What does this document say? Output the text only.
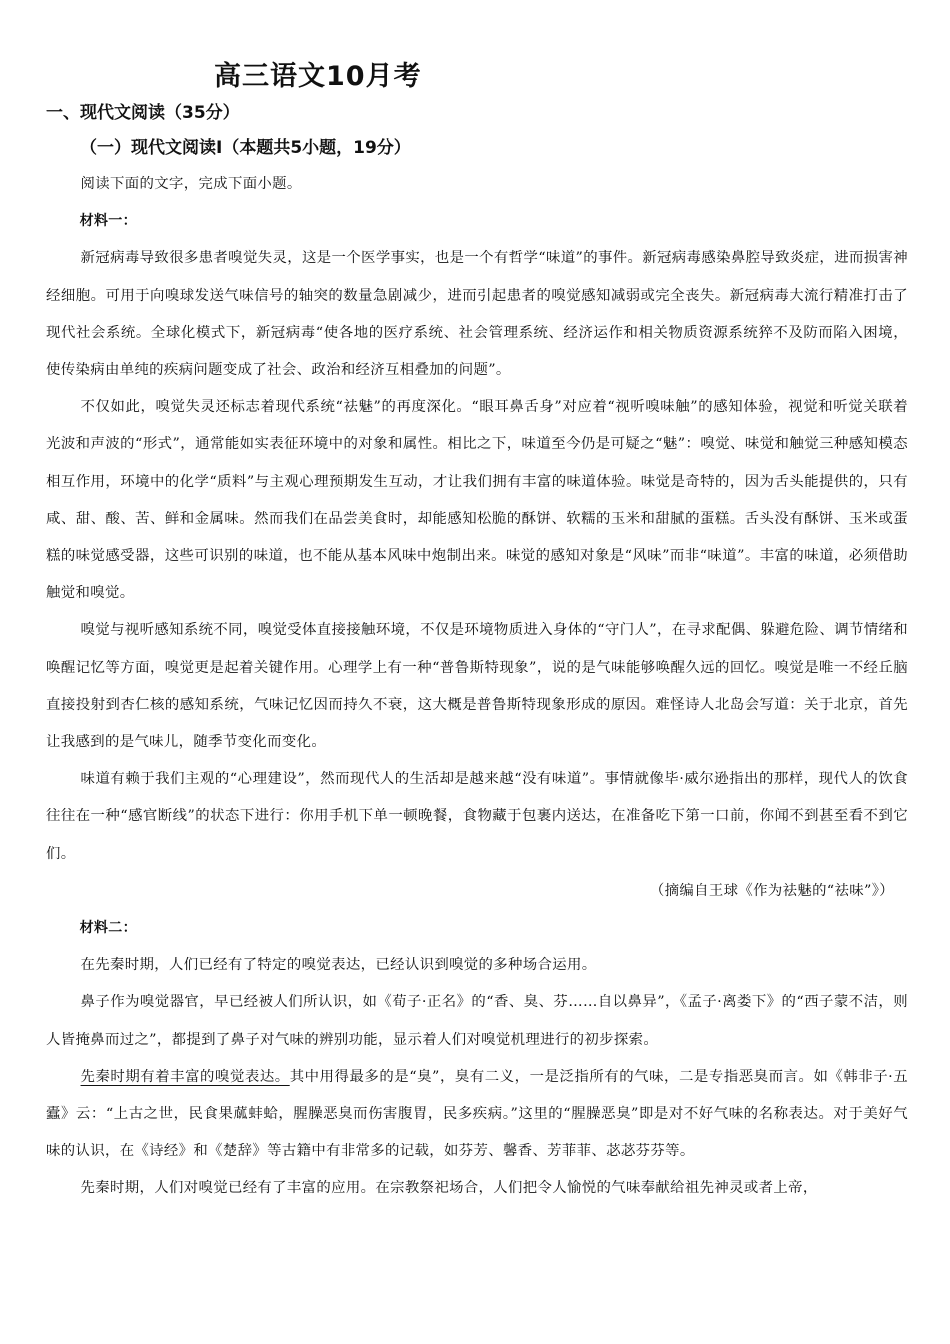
高三语文10月考
一、现代文阅读（35分）
（一）现代文阅读Ⅰ（本题共5小题，19分）

阅读下面的文字，完成下面小题。

材料一：

新冠病毒导致很多患者嗅觉失灵，这是一个医学事实，也是一个有哲学“味道”的事件。新冠病毒感染鼻腔导致炎症，进而损害神经细胞。可用于向嗅球发送气味信号的轴突的数量急剧减少，进而引起患者的嗅觉感知减弱或完全丧失。新冠病毒大流行精准打击了现代社会系统。全球化模式下，新冠病毒“使各地的医疗系统、社会管理系统、经济运作和相关物质资源系统猝不及防而陷入困境，使传染病由单纯的疾病问题变成了社会、政治和经济互相叠加的问题”。

不仅如此，嗅觉失灵还标志着现代系统“祛魅”的再度深化。“眼耳鼻舌身”对应着“视听嗅味触”的感知体验，视觉和听觉关联着光波和声波的“形式”，通常能如实表征环境中的对象和属性。相比之下，味道至今仍是可疑之“魅”：嗅觉、味觉和触觉三种感知模态相互作用，环境中的化学“质料”与主观心理预期发生互动，才让我们拥有丰富的味道体验。味觉是奇特的，因为舌头能提供的，只有咸、甜、酸、苦、鲜和金属味。然而我们在品尝美食时，却能感知松脆的酥饼、软糯的玉米和甜腻的蛋糕。舌头没有酥饼、玉米或蛋糕的味觉感受器，这些可识别的味道，也不能从基本风味中炮制出来。味觉的感知对象是“风味”而非“味道”。丰富的味道，必须借助触觉和嗅觉。

嗅觉与视听感知系统不同，嗅觉受体直接接触环境，不仅是环境物质进入身体的“守门人”，在寻求配偶、躲避危险、调节情绪和唤醒记忆等方面，嗅觉更是起着关键作用。心理学上有一种“普鲁斯特现象”，说的是气味能够唤醒久远的回忆。嗅觉是唯一不经丘脑直接投射到杏仁核的感知系统，气味记忆因而持久不衰，这大概是普鲁斯特现象形成的原因。难怪诗人北岛会写道：关于北京，首先让我感到的是气味儿，随季节变化而变化。

味道有赖于我们主观的“心理建设”，然而现代人的生活却是越来越“没有味道”。事情就像毕·威尔逊指出的那样，现代人的饮食往往在一种“感官断线”的状态下进行：你用手机下单一顿晚餐，食物藏于包裹内送达，在准备吃下第一口前，你闻不到甚至看不到它们。

（摘编自王球《作为祛魅的“祛味”》）

材料二：

在先秦时期，人们已经有了特定的嗅觉表达，已经认识到嗅觉的多种场合运用。

鼻子作为嗅觉器官，早已经被人们所认识，如《荀子·正名》的“香、臭、芬……自以鼻异”，《孟子·离娄下》的“西子蒙不洁，则人皆掩鼻而过之”，都提到了鼻子对气味的辨别功能，显示着人们对嗅觉机理进行的初步探索。

先秦时期有着丰富的嗅觉表达。其中用得最多的是“臭”，臭有二义，一是泛指所有的气味，二是专指恶臭而言。如《韩非子·五蠹》云：“上古之世，民食果蓏蚌蛤，腥臊恶臭而伤害腹胃，民多疾病。”这里的“腥臊恶臭”即是对不好气味的名称表达。对于美好气味的认识，在《诗经》和《楚辞》等古籍中有非常多的记载，如芬芳、馨香、芳菲菲、苾苾芬芬等。

先秦时期，人们对嗅觉已经有了丰富的应用。在宗教祭祀场合，人们把令人愉悦的气味奉献给祖先神灵或者上帝，
